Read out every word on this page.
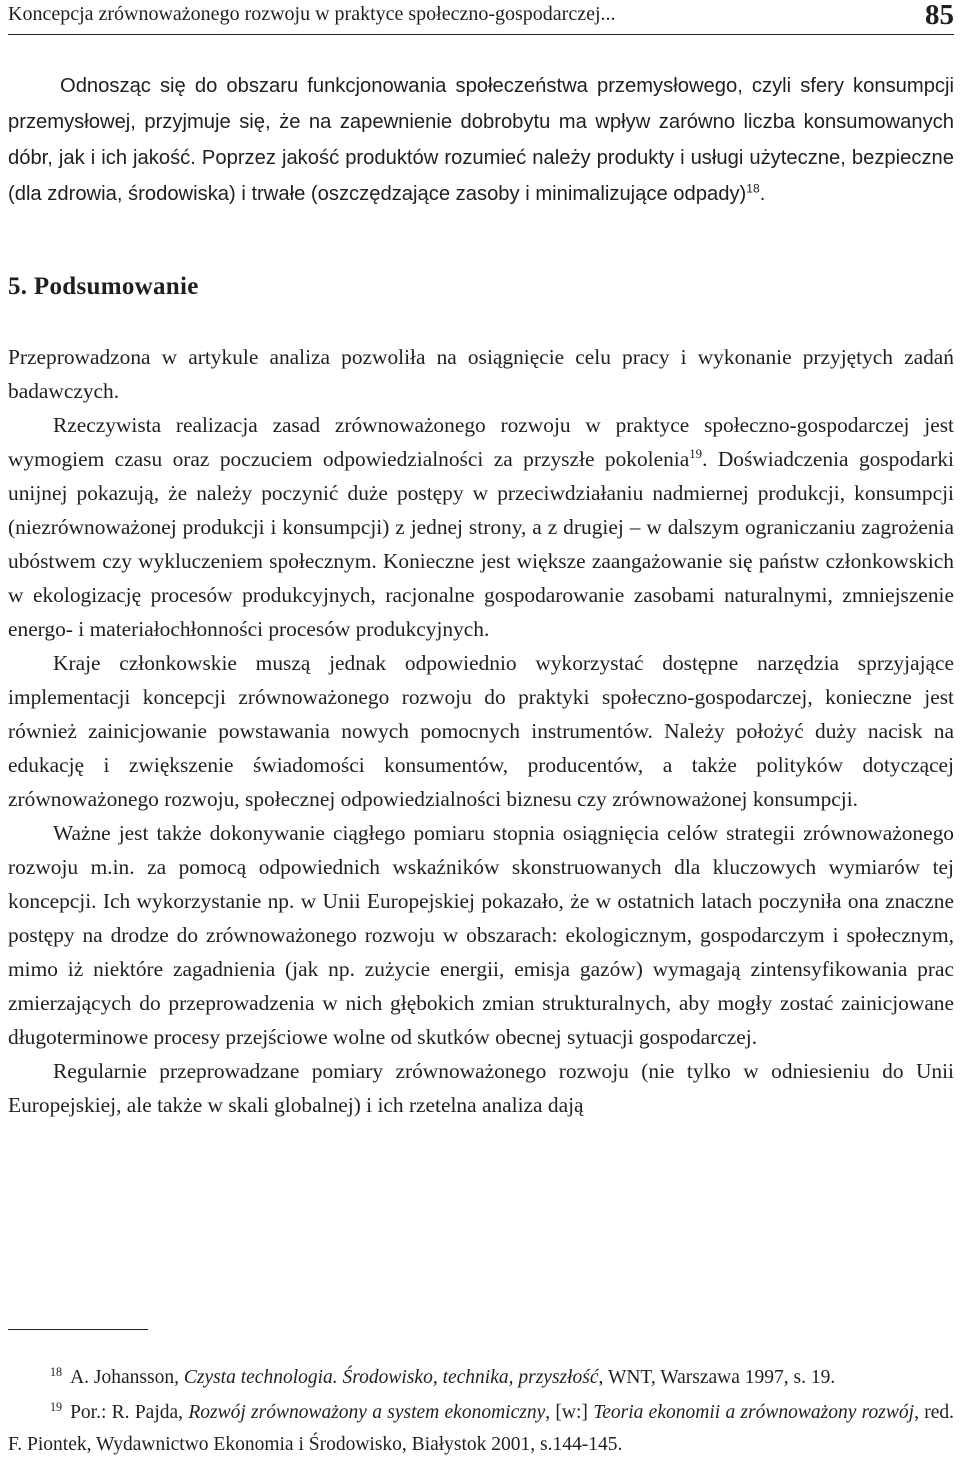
Koncepcja zrównoważonego rozwoju w praktyce społeczno-gospodarczej...	85
Odnosząc się do obszaru funkcjonowania społeczeństwa przemysłowego, czyli sfery konsumpcji przemysłowej, przyjmuje się, że na zapewnienie dobrobytu ma wpływ zarówno liczba konsumowanych dóbr, jak i ich jakość. Poprzez jakość produktów rozumieć należy produkty i usługi użyteczne, bezpieczne (dla zdrowia, środowiska) i trwałe (oszczędzające zasoby i minimalizujące odpady)$^{18}$.
5. Podsumowanie

Przeprowadzona w artykule analiza pozwoliła na osiągnięcie celu pracy i wykonanie przyjętych zadań badawczych.

Rzeczywista realizacja zasad zrównoważonego rozwoju w praktyce społeczno-gospodarczej jest wymogiem czasu oraz poczuciem odpowiedzialności za przyszłe pokolenia$^{19}$. Doświadczenia gospodarki unijnej pokazują, że należy poczynić duże postępy w przeciwdziałaniu nadmiernej produkcji, konsumpcji (niezrównoważonej produkcji i konsumpcji) z jednej strony, a z drugiej – w dalszym ograniczaniu zagrożenia ubóstwem czy wykluczeniem społecznym. Konieczne jest większe zaangażowanie się państw członkowskich w ekologizację procesów produkcyjnych, racjonalne gospodarowanie zasobami naturalnymi, zmniejszenie energo- i materiałochłonności procesów produkcyjnych.

Kraje członkowskie muszą jednak odpowiednio wykorzystać dostępne narzędzia sprzyjające implementacji koncepcji zrównoważonego rozwoju do praktyki społeczno-gospodarczej, konieczne jest również zainicjowanie powstawania nowych pomocnych instrumentów. Należy położyć duży nacisk na edukację i zwiększenie świadomości konsumentów, producentów, a także polityków dotyczącej zrównoważonego rozwoju, społecznej odpowiedzialności biznesu czy zrównoważonej konsumpcji.

Ważne jest także dokonywanie ciągłego pomiaru stopnia osiągnięcia celów strategii zrównoważonego rozwoju m.in. za pomocą odpowiednich wskaźników skonstruowanych dla kluczowych wymiarów tej koncepcji. Ich wykorzystanie np. w Unii Europejskiej pokazało, że w ostatnich latach poczyniła ona znaczne postępy na drodze do zrównoważonego rozwoju w obszarach: ekologicznym, gospodarczym i społecznym, mimo iż niektóre zagadnienia (jak np. zużycie energii, emisja gazów) wymagają zintensyfikowania prac zmierzających do przeprowadzenia w nich głębokich zmian strukturalnych, aby mogły zostać zainicjowane długoterminowe procesy przejściowe wolne od skutków obecnej sytuacji gospodarczej.

Regularnie przeprowadzane pomiary zrównoważonego rozwoju (nie tylko w odniesieniu do Unii Europejskiej, ale także w skali globalnej) i ich rzetelna analiza dają

$^{18}$ A. Johansson, Czysta technologia. Środowisko, technika, przyszłość, WNT, Warszawa 1997, s. 19.

$^{19}$ Por.: R. Pajda, Rozwój zrównoważony a system ekonomiczny, [w:] Teoria ekonomii a zrównoważony rozwój, red. F. Piontek, Wydawnictwo Ekonomia i Środowisko, Białystok 2001, s.144-145.
